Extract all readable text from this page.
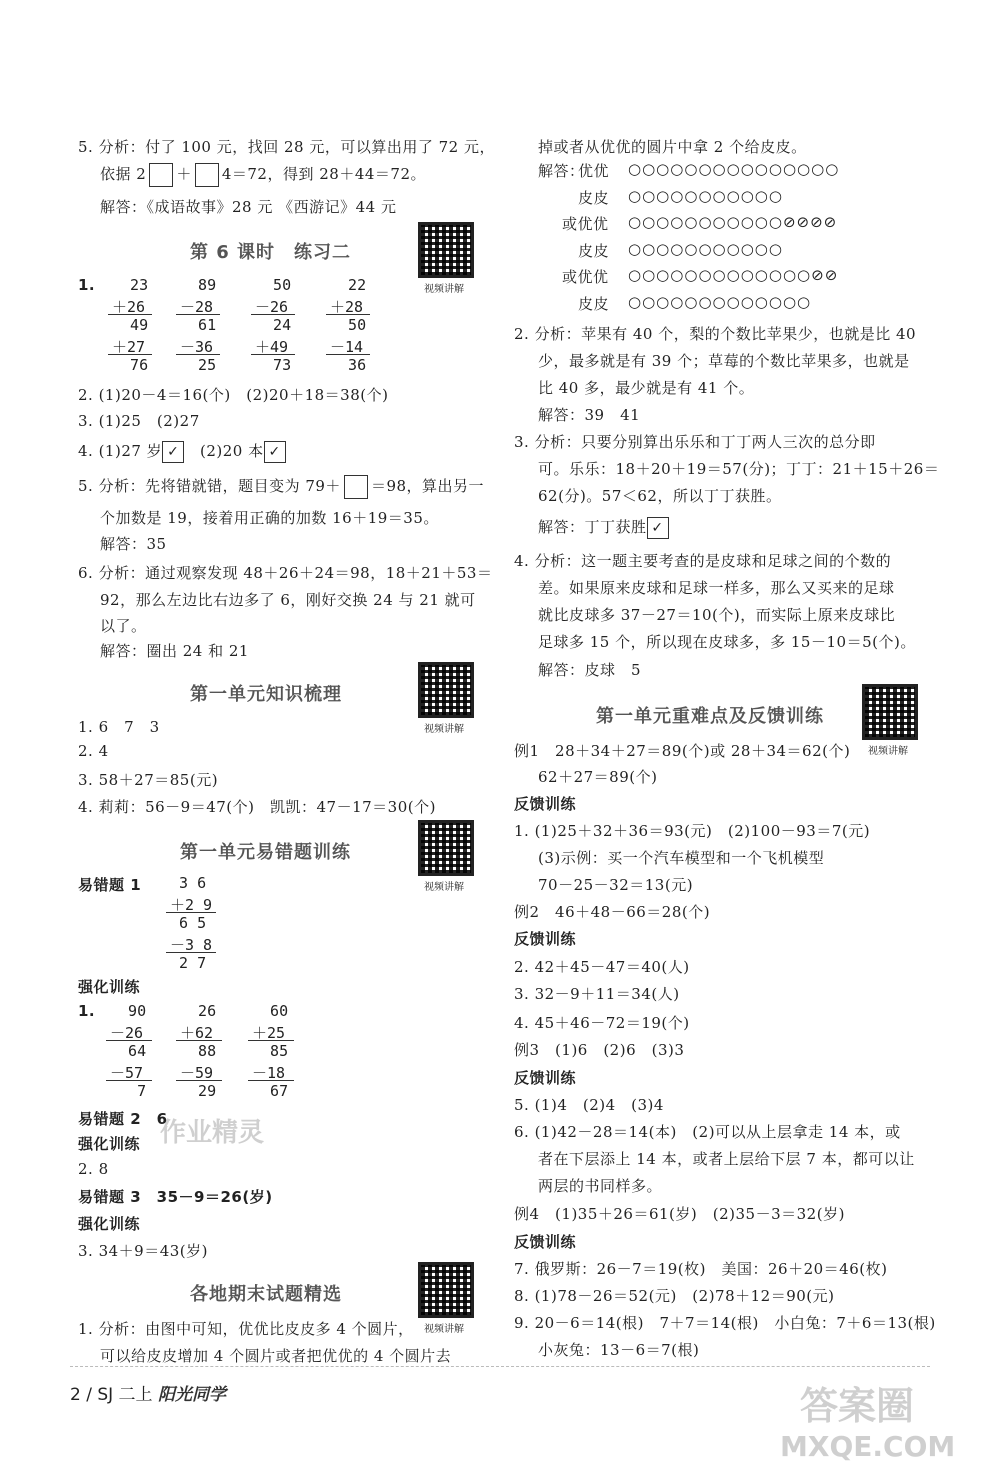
5. 分析：付了 100 元，找回 28 元，可以算出用了 72 元，
依据 2 ＋ 4＝72，得到 28＋44＝72。
解答：《成语故事》28 元 《西游记》44 元
第 6 课时　练习二
视频讲解
1. 23
＋26
49
＋27
76
89
－28
61
－36
25
50
－26
24
＋49
73
22
＋28
50
－14
36
2. (1)20－4＝16(个)　(2)20＋18＝38(个)
3. (1)25　(2)27
4. (1)27 岁 ✓ (2)20 本 ✓
5. 分析：先将错就错，题目变为 79＋ ＝98，算出另一
个加数是 19，接着用正确的加数 16＋19＝35。
解答：35
6. 分析：通过观察发现 48＋26＋24＝98，18＋21＋53＝
92，那么左边比右边多了 6，刚好交换 24 与 21 就可
以了。
解答：圈出 24 和 21
第一单元知识梳理
视频讲解
1. 6　7　3
2. 4
3. 58＋27＝85(元)
4. 莉莉：56－9＝47(个)　凯凯：47－17＝30(个)
第一单元易错题训练
视频讲解
易错题 1 3 6
＋2 9
6 5
－3 8
2 7
强化训练
1. 90
－26
64
－57
7
26
＋62
88
－59
29
60
＋25
85
－18
67
易错题 2　6
强化训练
2. 8
易错题 3　35－9＝26(岁)
强化训练
3. 34＋9＝43(岁)
各地期末试题精选
视频讲解
1. 分析：由图中可知，优优比皮皮多 4 个圆片，
可以给皮皮增加 4 个圆片或者把优优的 4 个圆片去
掉或者从优优的圆片中拿 2 个给皮皮。
解答：
优优 ○○○○○○○○○○○○○○○
皮皮 ○○○○○○○○○○○
或优优 ○○○○○○○○○○○⊘⊘⊘⊘
皮皮 ○○○○○○○○○○○
或优优 ○○○○○○○○○○○○○⊘⊘
皮皮 ○○○○○○○○○○○○○
2. 分析：苹果有 40 个，梨的个数比苹果少，也就是比 40
少，最多就是有 39 个；草莓的个数比苹果多，也就是
比 40 多，最少就是有 41 个。
解答：39　41
3. 分析：只要分别算出乐乐和丁丁两人三次的总分即
可。乐乐：18＋20＋19＝57(分)；丁丁：21＋15＋26＝
62(分)。57＜62，所以丁丁获胜。
解答：丁丁获胜 ✓
4. 分析：这一题主要考查的是皮球和足球之间的个数的
差。如果原来皮球和足球一样多，那么又买来的足球
就比皮球多 37－27＝10(个)，而实际上原来皮球比
足球多 15 个，所以现在皮球多，多 15－10＝5(个)。
解答：皮球　5
第一单元重难点及反馈训练
视频讲解
例1　28＋34＋27＝89(个)或 28＋34＝62(个)
62＋27＝89(个)
反馈训练
1. (1)25＋32＋36＝93(元)　(2)100－93＝7(元)
(3)示例：买一个汽车模型和一个飞机模型
70－25－32＝13(元)
例2　46＋48－66＝28(个)
反馈训练
2. 42＋45－47＝40(人)
3. 32－9＋11＝34(人)
4. 45＋46－72＝19(个)
例3　(1)6　(2)6　(3)3
反馈训练
5. (1)4　(2)4　(3)4
6. (1)42－28＝14(本)　(2)可以从上层拿走 14 本，或
者在下层添上 14 本，或者上层给下层 7 本，都可以让
两层的书同样多。
例4　(1)35＋26＝61(岁)　(2)35－3＝32(岁)
反馈训练
7. 俄罗斯：26－7＝19(枚)　美国：26＋20＝46(枚)
8. (1)78－26＝52(元)　(2)78＋12＝90(元)
9. 20－6＝14(根)　7＋7＝14(根)　小白兔：7＋6＝13(根)
小灰兔：13－6＝7(根)
2 / SJ 二上 阳光同学	答案圈
MXQE.COM
作业精灵
